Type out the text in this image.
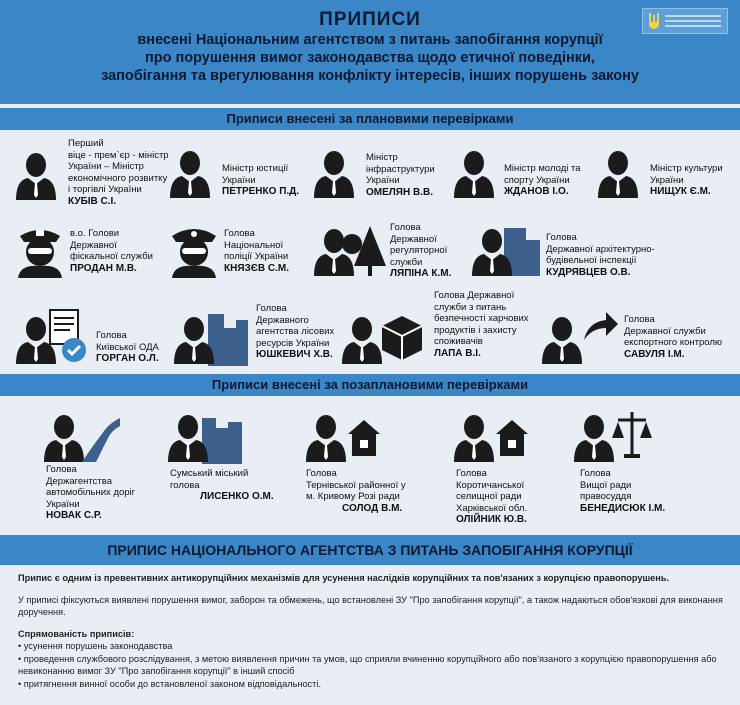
ПРИПИСИ
внесені Національним агентством з питань запобігання корупції
про порушення вимог законодавства щодо етичної поведінки,
запобігання та врегулювання конфлікту інтересів, інших порушень закону
Приписи внесені за плановими перевірками
Перший
віце - прем`єр - міністр
України – Міністр
економічного розвитку
і торгівлі України
КУБІВ С.І.
Міністр юстиції
України
ПЕТРЕНКО П.Д.
Міністр
інфраструктури
України
ОМЕЛЯН В.В.
Міністр молоді та
спорту України
ЖДАНОВ І.О.
Міністр культури
України
НИЩУК Є.М.
в.о. Голови
Державної
фіскальної служби
ПРОДАН М.В.
Голова
Національної
поліції України
КНЯЗЄВ С.М.
Голова
Державної
регуляторної
служби
ЛЯПІНА К.М.
Голова
Державної архітектурно-
будівельної інспекції
КУДРЯВЦЕВ О.В.
Голова
Київської ОДА
ГОРГАН О.Л.
Голова
Державного
агентства лісових
ресурсів України
ЮШКЕВИЧ Х.В.
Голова Державної
служби з питань
безпечності харчових
продуктів і захисту
споживачів
ЛАПА В.І.
Голова
Державної служби
експортного контролю
САВУЛЯ І.М.
Приписи внесені за позаплановими перевірками
Голова
Держагентства
автомобільних доріг
України
НОВАК С.Р.
Сумський міський
голова
ЛИСЕНКО О.М.
Голова
Тернівської районної у
м. Кривому Розі ради
СОЛОД В.М.
Голова
Коротичанської
селищної ради
Харківської обл.
ОЛІЙНИК Ю.В.
Голова
Вищої ради
правосуддя
БЕНЕДИСЮК І.М.
ПРИПИС НАЦІОНАЛЬНОГО АГЕНТСТВА З ПИТАНЬ ЗАПОБІГАННЯ КОРУПЦІЇ

Припис є одним із превентивних антикорупційних механізмів для усунення наслідків корупційних та пов'язаних з корупцією правопорушень.

У приписі фіксуються виявлені порушення вимог, заборон та обмежень, що встановлені ЗУ "Про запобігання корупції", а також надаються обов'язкові для виконання доручення.

Спрямованість приписів:
• усунення порушень законодавства
• проведення службового розслідування, з метою виявлення причин та умов, що сприяли вчиненню корупційного або пов'язаного з корупцією правопорушення або невиконанню вимог ЗУ "Про запобігання корупції" в інший спосіб
• притягнення винної особи до встановленої законом відповідальності.
